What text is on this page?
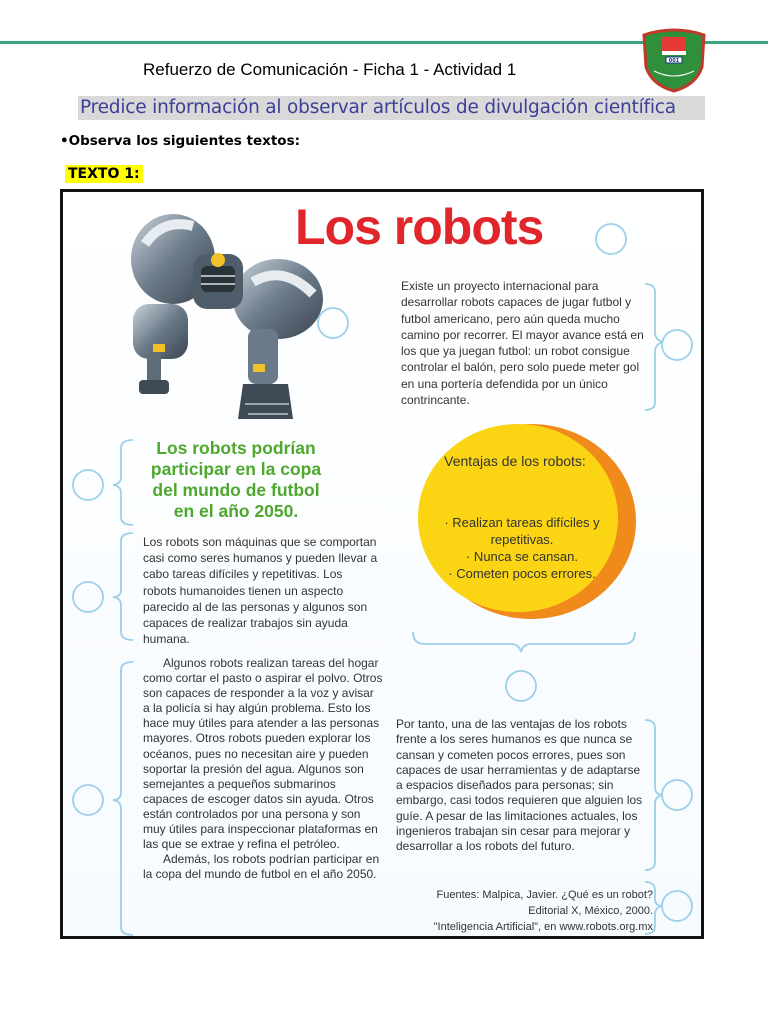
Refuerzo de Comunicación - Ficha 1 - Actividad 1
Predice información al observar artículos de divulgación científica
•Observa los siguientes textos:
TEXTO 1:
001
Los robots
Existe un proyecto internacional para desarrollar robots capaces de jugar futbol y futbol americano, pero aún queda mucho camino por recorrer. El mayor avance está en los que ya juegan futbol: un robot consigue controlar el balón, pero solo puede meter gol en una portería defendida por un único contrincante.
Los robots podrían participar en la copa del mundo de futbol en el año 2050.
Ventajas de los robots:
· Realizan tareas difíciles y repetitivas.
· Nunca se cansan.
· Cometen pocos errores.
Los robots son máquinas que se comportan casi como seres humanos y pueden llevar a cabo tareas difíciles y repetitivas. Los robots humanoides tienen un aspecto parecido al de las personas y algunos son capaces de realizar trabajos sin ayuda humana.
Algunos robots realizan tareas del hogar como cortar el pasto o aspirar el polvo. Otros son capaces de responder a la voz y avisar a la policía si hay algún problema. Esto los hace muy útiles para atender a las personas mayores. Otros robots pueden explorar los océanos, pues no necesitan aire y pueden soportar la presión del agua. Algunos son semejantes a pequeños submarinos capaces de escoger datos sin ayuda. Otros están controlados por una persona y son muy útiles para inspeccionar plataformas en las que se extrae y refina el petróleo.
Además, los robots podrían participar en la copa del mundo de futbol en el año 2050.
Por tanto, una de las ventajas de los robots frente a los seres humanos es que nunca se cansan y cometen pocos errores, pues son capaces de usar herramientas y de adaptarse a espacios diseñados para personas; sin embargo, casi todos requieren que alguien los guíe. A pesar de las limitaciones actuales, los ingenieros trabajan sin cesar para mejorar y desarrollar a los robots del futuro.
Fuentes: Malpica, Javier. ¿Qué es un robot?
Editorial X, México, 2000.
"Inteligencia Artificial", en www.robots.org.mx
